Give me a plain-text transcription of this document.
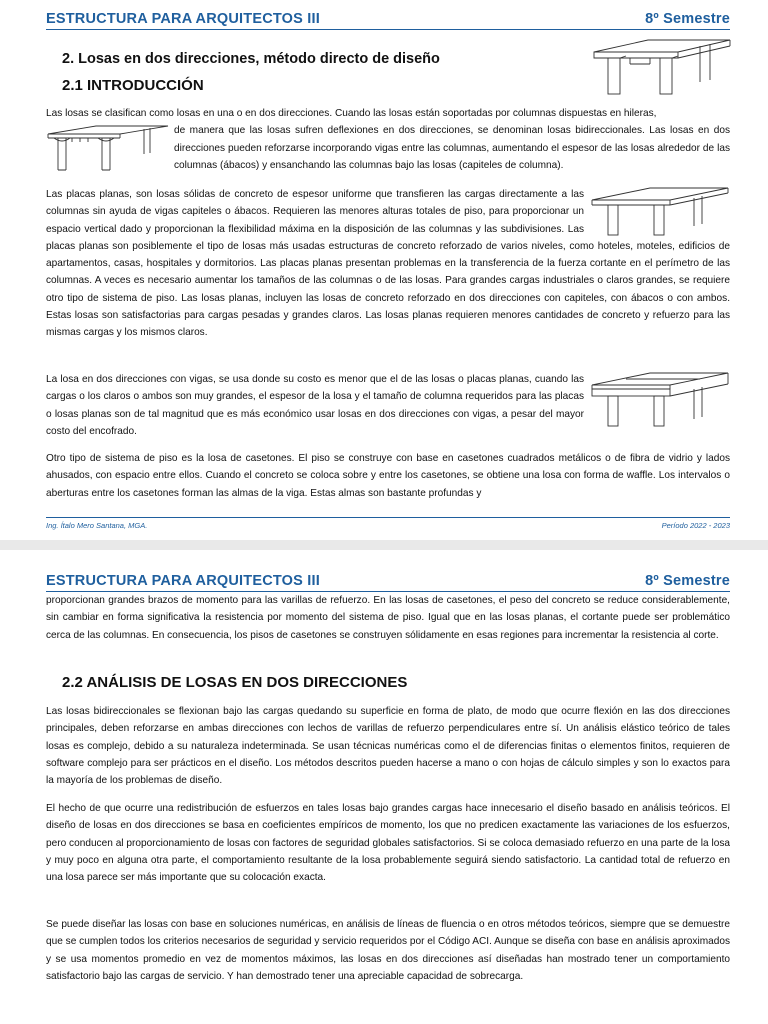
ESTRUCTURA PARA ARQUITECTOS III	8º Semestre
2. Losas en dos direcciones, método directo de diseño
2.1 INTRODUCCIÓN
Las losas se clasifican como losas en una o en dos direcciones. Cuando las losas están soportadas por columnas dispuestas en hileras,
de manera que las losas sufren deflexiones en dos direcciones, se denominan losas bidireccionales. Las losas en dos direcciones pueden reforzarse incorporando vigas entre las columnas, aumentando el espesor de las losas alrededor de las columnas (ábacos) y ensanchando las columnas bajo las losas (capiteles de columna).
Las placas planas, son losas sólidas de concreto de espesor uniforme que transfieren las cargas directamente a las columnas sin ayuda de vigas capiteles o ábacos. Requieren las menores alturas totales de piso, para proporcionar un espacio vertical dado y proporcionan la flexibilidad máxima en la disposición de las columnas y las subdivisiones. Las placas planas son posiblemente el tipo de losas más usadas estructuras de concreto reforzado de varios niveles, como hoteles, moteles, edificios de apartamentos, casas, hospitales y dormitorios. Las placas planas presentan problemas en la transferencia de la fuerza cortante en el perímetro de las columnas. A veces es necesario aumentar los tamaños de las columnas o de las losas. Para grandes cargas industriales o claros grandes, se requiere otro tipo de sistema de piso. Las losas planas, incluyen las losas de concreto reforzado en dos direcciones con capiteles, con ábacos o con ambos. Estas losas son satisfactorias para cargas pesadas y grandes claros. Las losas planas requieren menores cantidades de concreto y refuerzo para las mismas cargas y los mismos claros.
La losa en dos direcciones con vigas, se usa donde su costo es menor que el de las losas o placas planas, cuando las cargas o los claros o ambos son muy grandes, el espesor de la losa y el tamaño de columna requeridos para las placas o losas planas son de tal magnitud que es más económico usar losas en dos direcciones con vigas, a pesar del mayor costo del encofrado.
Otro tipo de sistema de piso es la losa de casetones. El piso se construye con base en casetones cuadrados metálicos o de fibra de vidrio y lados ahusados, con espacio entre ellos. Cuando el concreto se coloca sobre y entre los casetones, se obtiene una losa con forma de waffle. Los intervalos o aberturas entre los casetones forman las almas de la viga. Estas almas son bastante profundas y
Ing. Ítalo Mero Santana, MGA.	Período 2022 - 2023
ESTRUCTURA PARA ARQUITECTOS III	8º Semestre
proporcionan grandes brazos de momento para las varillas de refuerzo. En las losas de casetones, el peso del concreto se reduce considerablemente, sin cambiar en forma significativa la resistencia por momento del sistema de piso. Igual que en las losas planas, el cortante puede ser problemático cerca de las columnas. En consecuencia, los pisos de casetones se construyen sólidamente en esas regiones para incrementar la resistencia al corte.
2.2 ANÁLISIS DE LOSAS EN DOS DIRECCIONES
Las losas bidireccionales se flexionan bajo las cargas quedando su superficie en forma de plato, de modo que ocurre flexión en las dos direcciones principales, deben reforzarse en ambas direcciones con lechos de varillas de refuerzo perpendiculares entre sí. Un análisis elástico teórico de tales losas es complejo, debido a su naturaleza indeterminada. Se usan técnicas numéricas como el de diferencias finitas o elementos finitos, requieren de software complejo para ser prácticos en el diseño. Los métodos descritos pueden hacerse a mano o con hojas de cálculo simples y son lo exactos para la mayoría de los problemas de diseño.
El hecho de que ocurre una redistribución de esfuerzos en tales losas bajo grandes cargas hace innecesario el diseño basado en análisis teóricos. El diseño de losas en dos direcciones se basa en coeficientes empíricos de momento, los que no predicen exactamente las variaciones de los esfuerzos, pero conducen al proporcionamiento de losas con factores de seguridad globales satisfactorios. Si se coloca demasiado refuerzo en una parte de la losa y muy poco en alguna otra parte, el comportamiento resultante de la losa probablemente seguirá siendo satisfactorio. La cantidad total de refuerzo en una losa parece ser más importante que su colocación exacta.
Se puede diseñar las losas con base en soluciones numéricas, en análisis de líneas de fluencia o en otros métodos teóricos, siempre que se demuestre que se cumplen todos los criterios necesarios de seguridad y servicio requeridos por el Código ACI. Aunque se diseña con base en análisis aproximados y se usa momentos promedio en vez de momentos máximos, las losas en dos direcciones así diseñadas han mostrado tener un comportamiento satisfactorio bajo las cargas de servicio. Y han demostrado tener una apreciable capacidad de sobrecarga.
